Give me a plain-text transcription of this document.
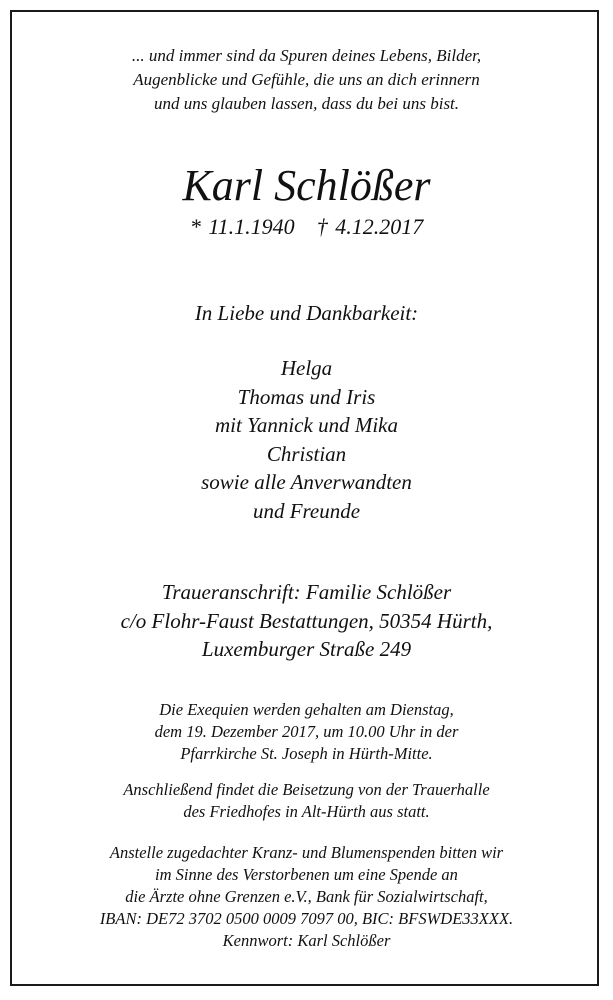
... und immer sind da Spuren deines Lebens, Bilder,
Augenblicke und Gefühle, die uns an dich erinnern
und uns glauben lassen, dass du bei uns bist.
Karl Schlößer
* 11.1.1940 † 4.12.2017
In Liebe und Dankbarkeit:
Helga
Thomas und Iris
mit Yannick und Mika
Christian
sowie alle Anverwandten
und Freunde
Traueranschrift: Familie Schlößer
c/o Flohr-Faust Bestattungen, 50354 Hürth,
Luxemburger Straße 249
Die Exequien werden gehalten am Dienstag,
dem 19. Dezember 2017, um 10.00 Uhr in der
Pfarrkirche St. Joseph in Hürth-Mitte.
Anschließend findet die Beisetzung von der Trauerhalle
des Friedhofes in Alt-Hürth aus statt.
Anstelle zugedachter Kranz- und Blumenspenden bitten wir
im Sinne des Verstorbenen um eine Spende an
die Ärzte ohne Grenzen e.V., Bank für Sozialwirtschaft,
IBAN: DE72 3702 0500 0009 7097 00, BIC: BFSWDE33XXX.
Kennwort: Karl Schlößer
